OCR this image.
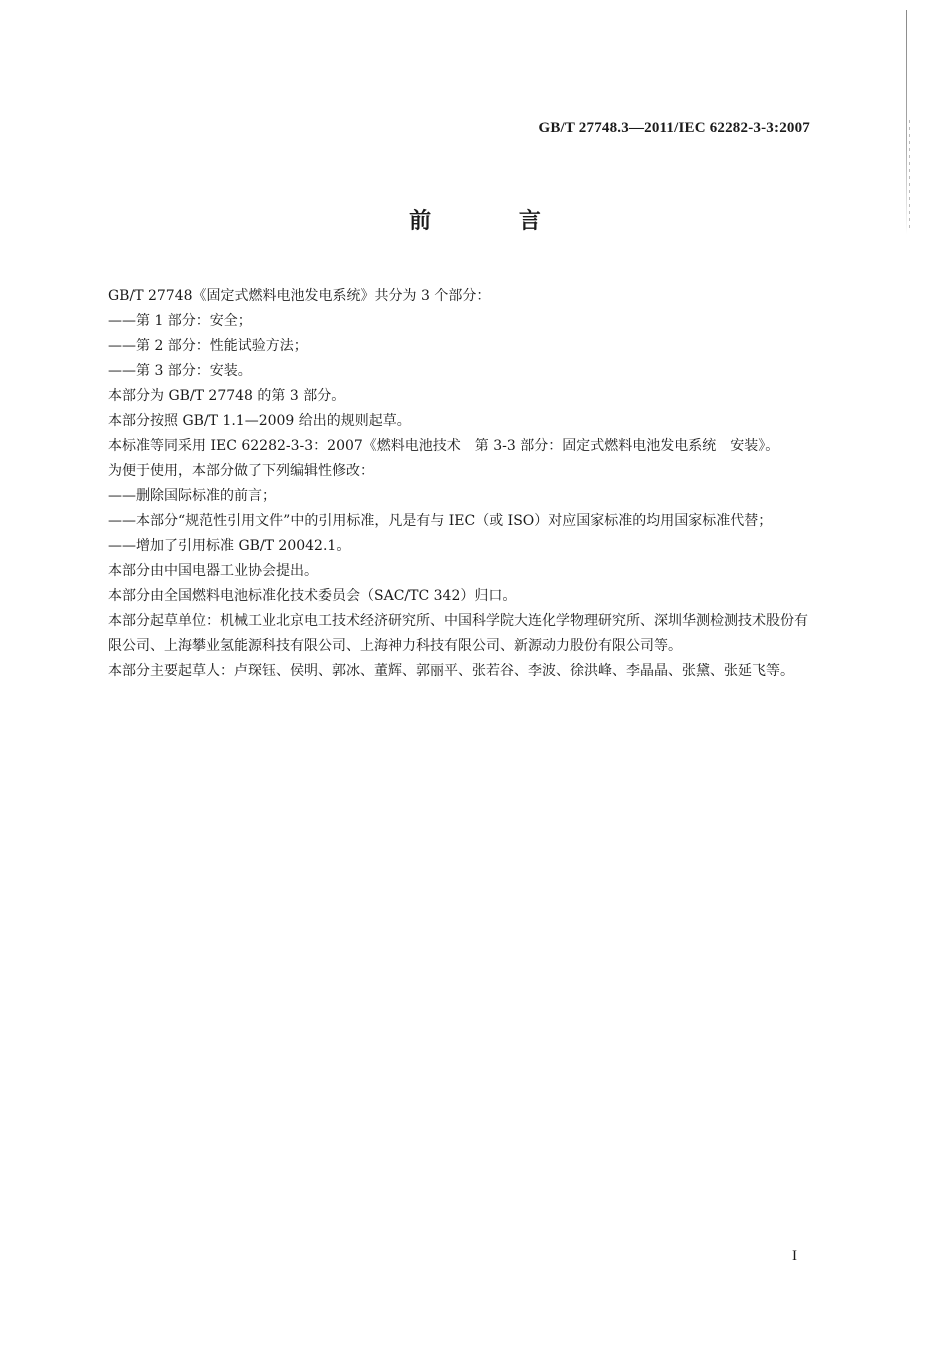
GB/T 27748.3—2011/IEC 62282-3-3:2007
前 言

GB/T 27748《固定式燃料电池发电系统》共分为 3 个部分：

——第 1 部分：安全；

——第 2 部分：性能试验方法；

——第 3 部分：安装。

本部分为 GB/T 27748 的第 3 部分。

本部分按照 GB/T 1.1—2009 给出的规则起草。

本标准等同采用 IEC 62282-3-3：2007《燃料电池技术　第 3-3 部分：固定式燃料电池发电系统　安装》。

为便于使用，本部分做了下列编辑性修改：

——删除国际标准的前言；

——本部分“规范性引用文件”中的引用标准，凡是有与 IEC（或 ISO）对应国家标准的均用国家标准代替；

——增加了引用标准 GB/T 20042.1。

本部分由中国电器工业协会提出。

本部分由全国燃料电池标准化技术委员会（SAC/TC 342）归口。

本部分起草单位：机械工业北京电工技术经济研究所、中国科学院大连化学物理研究所、深圳华测检测技术股份有限公司、上海攀业氢能源科技有限公司、上海神力科技有限公司、新源动力股份有限公司等。

本部分主要起草人：卢琛钰、侯明、郭冰、董辉、郭丽平、张若谷、李波、徐洪峰、李晶晶、张黛、张延飞等。

I
